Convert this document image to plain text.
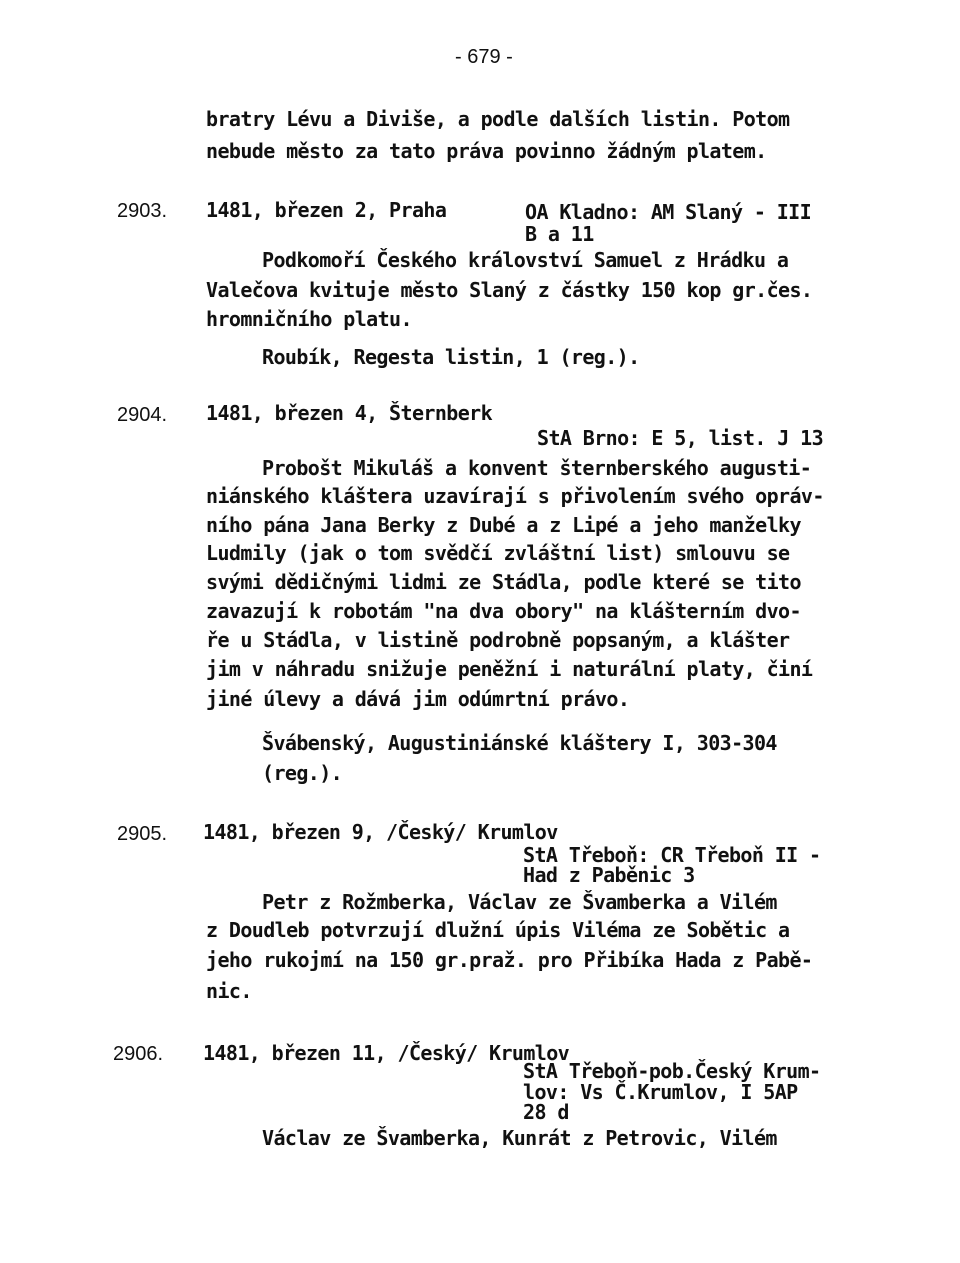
- 679 -
bratry Lévu a Diviše, a podle dalších listin. Potom
nebude město za tato práva povinno žádným platem.
2903. 1481, březen 2, Praha	OA Kladno: AM Slaný - III
B a 11
Podkomoří Českého království Samuel z Hrádku a
Valečova kvituje město Slaný z částky 150 kop gr.čes.
hromničního platu.
Roubík, Regesta listin, 1 (reg.).
2904. 1481, březen 4, Šternberk
StA Brno: E 5, list. J 13
Probošt Mikuláš a konvent šternberského augusti-
niánského kláštera uzavírají s přivolením svého opráv-
ního pána Jana Berky z Dubé a z Lipé a jeho manželky
Ludmily (jak o tom svědčí zvláštní list) smlouvu se
svými dědičnými lidmi ze Stádla, podle které se tito
zavazují k robotám "na dva obory" na klášterním dvo-
ře u Stádla, v listině podrobně popsaným, a klášter
jim v náhradu snižuje peněžní i naturální platy, činí
jiné úlevy a dává jim odúmrtní právo.
Švábenský, Augustiniánské kláštery I, 303-304
(reg.).
2905. 1481, březen 9, /Český/ Krumlov
StA Třeboň: CR Třeboň II -
Had z Paběnic 3
Petr z Rožmberka, Václav ze Švamberka a Vilém
z Doudleb potvrzují dlužní úpis Viléma ze Sobětic a
jeho rukojmí na 150 gr.praž. pro Přibíka Hada z Pabě-
nic.
2906. 1481, březen 11, /Český/ Krumlov
StA Třeboň-pob.Český Krum-
lov: Vs Č.Krumlov, I 5AP
28 d
Václav ze Švamberka, Kunrát z Petrovic, Vilém
